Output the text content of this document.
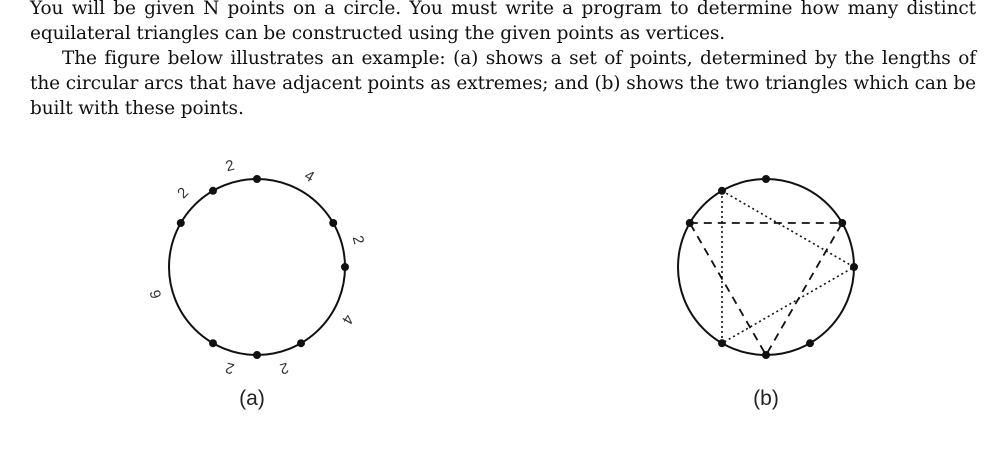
You will be given N points on a circle. You must write a program to determine how many distinct equilateral triangles can be constructed using the given points as vertices.

The figure below illustrates an example: (a) shows a set of points, determined by the lengths of the circular arcs that have adjacent points as extremes; and (b) shows the two triangles which can be built with these points.

2
2
4
2
4
2
2
6
(a)	(b)
